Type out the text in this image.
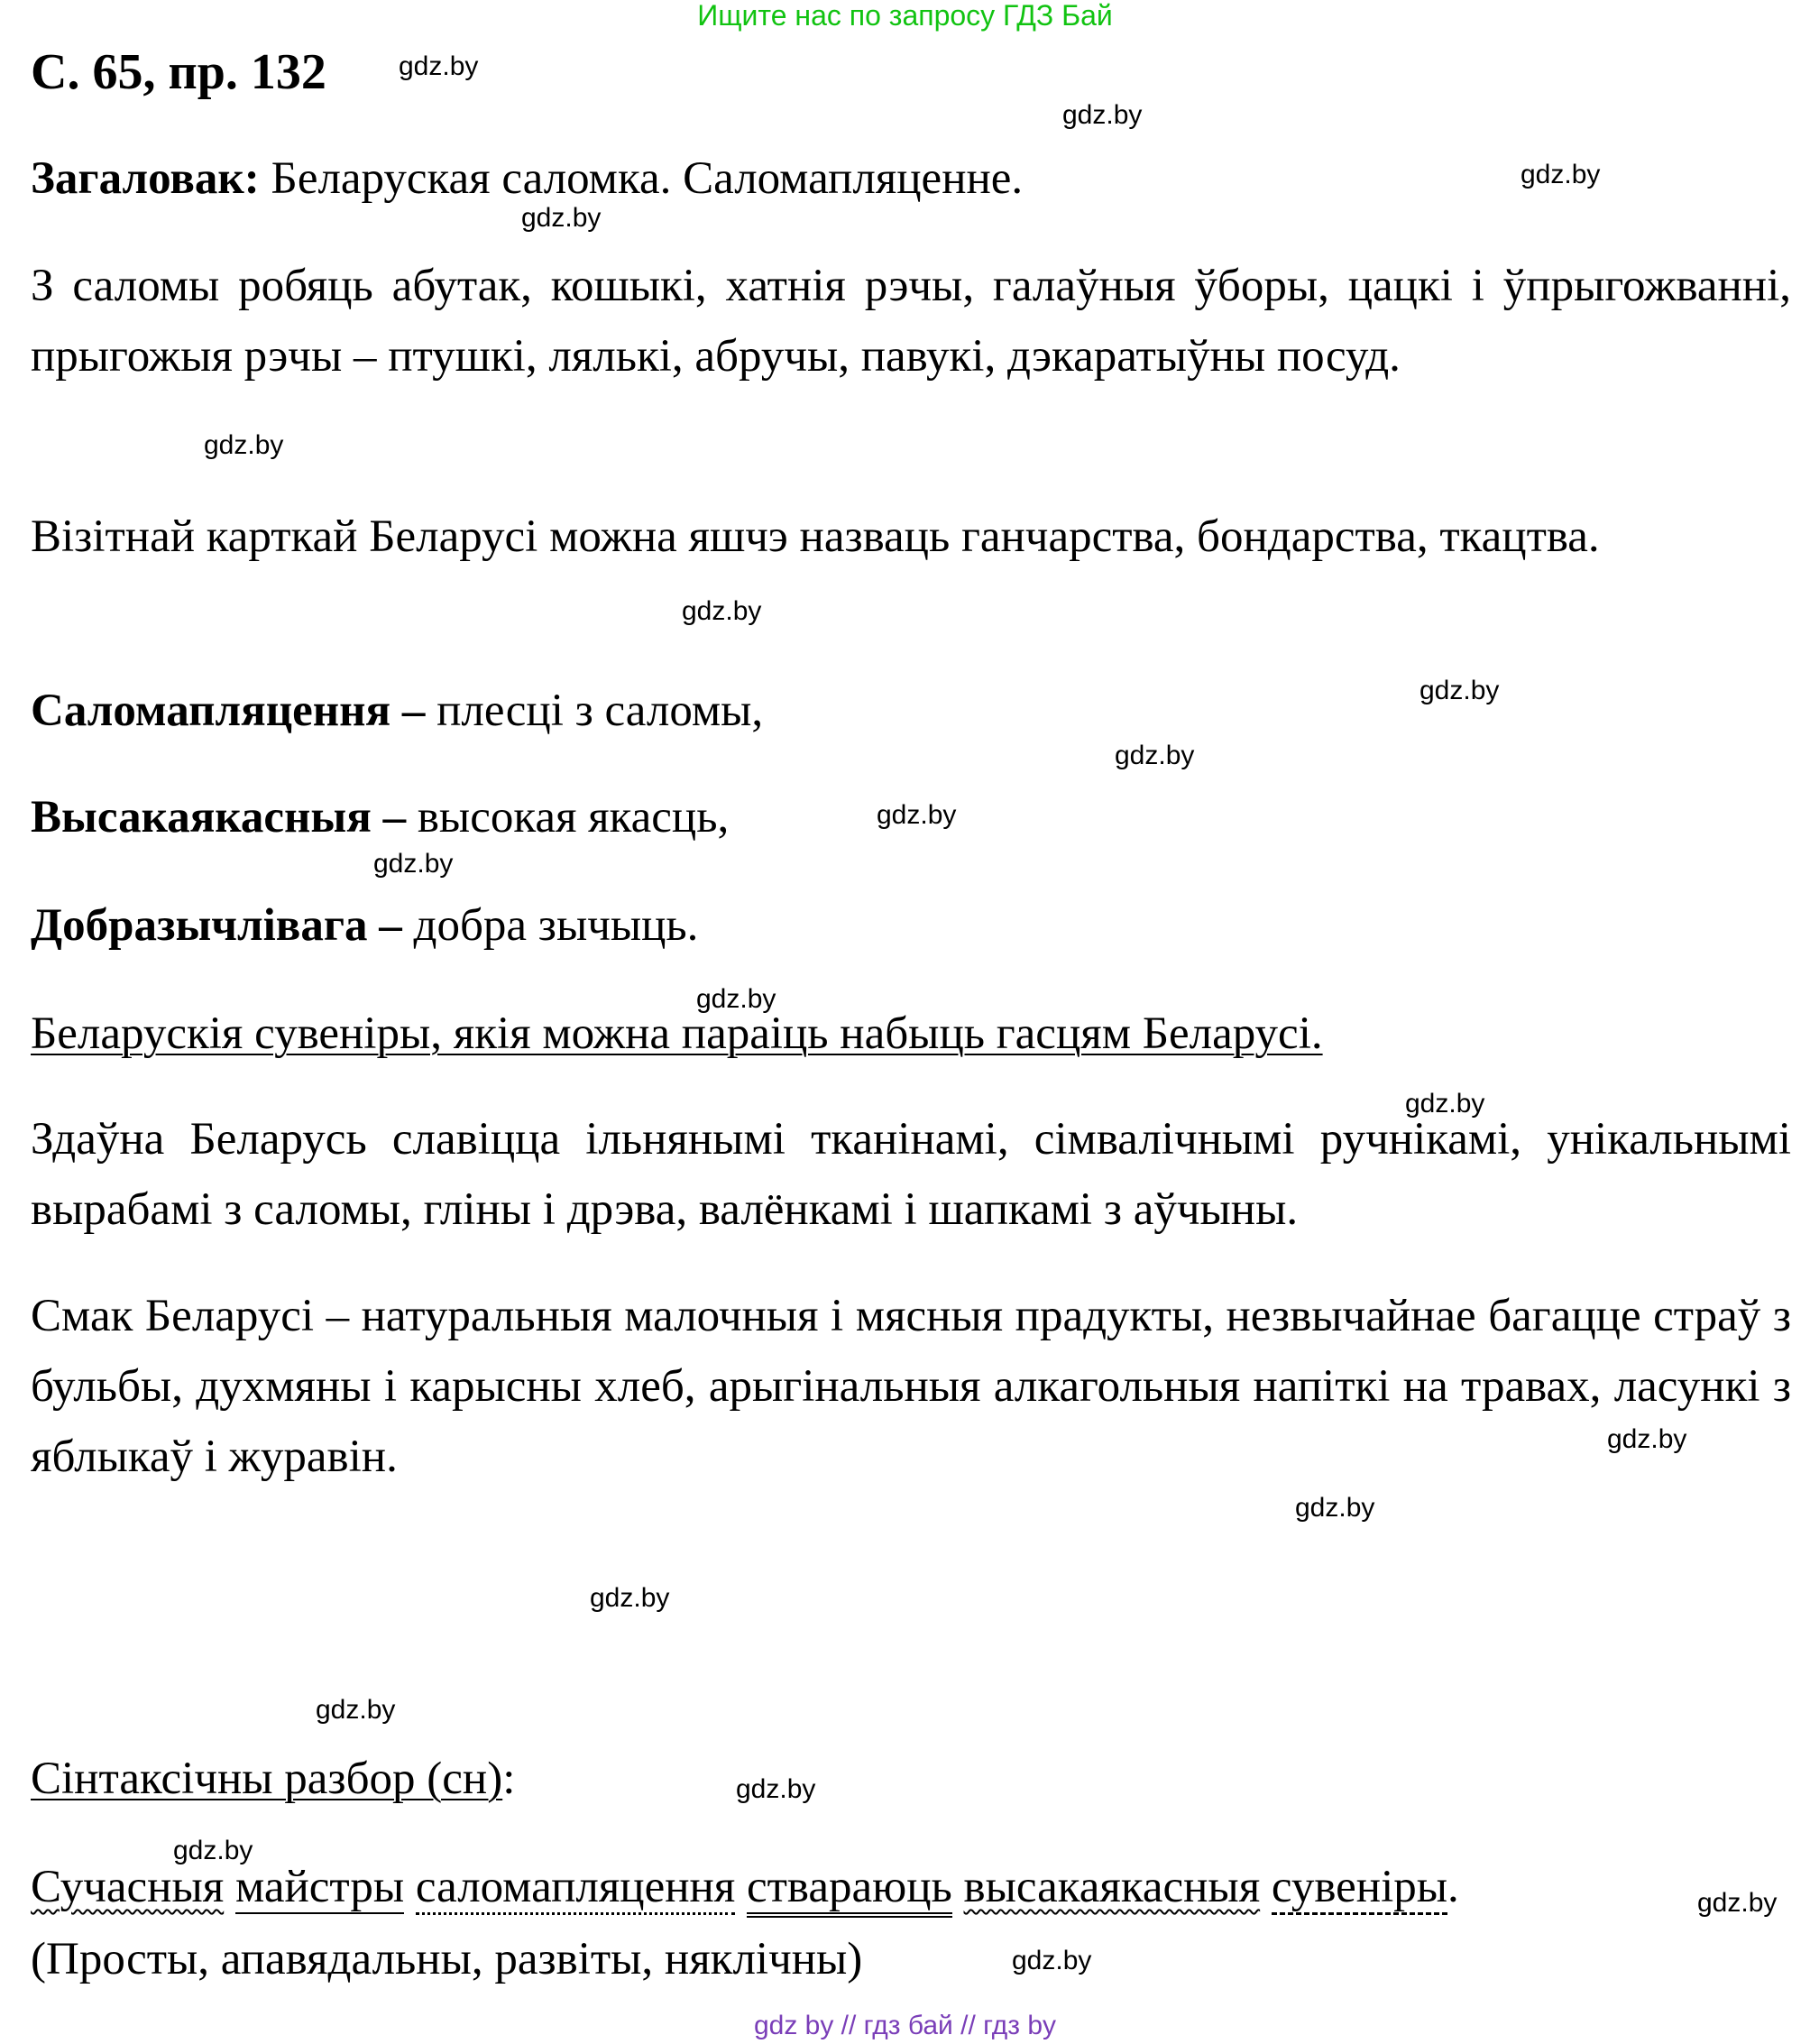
Ищите нас по запросу ГДЗ Бай
С. 65, пр. 132
Загаловак: Беларуская саломка. Саломапляценне.
З саломы робяць абутак, кошыкі, хатнія рэчы, галаўныя ўборы, цацкі і ўпрыгожванні, прыгожыя рэчы – птушкі, лялькі, абручы, павукі, дэкаратыўны посуд.
Візітнай карткай Беларусі можна яшчэ назваць ганчарства, бондарства, ткацтва.
Саломапляцення – плесці з саломы,
Высакаякасныя – высокая якасць,
Добразычлівага – добра зычыць.
Беларускія сувеніры, якія можна параіць набыць гасцям Беларусі.
Здаўна Беларусь славіцца ільнянымі тканінамі, сімвалічнымі ручнікамі, унікальнымі вырабамі з саломы, гліны і дрэва, валёнкамі і шапкамі з аўчыны.
Смак Беларусі – натуральныя малочныя і мясныя прадукты, незвычайнае багацце страў з бульбы, духмяны і карысны хлеб, арыгінальныя алкагольныя напіткі на травах, ласункі з яблыкаў і журавін.
Сінтаксічны разбор (сн):
Сучасныя майстры саломапляцення ствараюць высакаякасныя сувеніры.
(Просты, апавядальны, развіты, няклічны)
gdz.by
gdz.by
gdz.by
gdz.by
gdz.by
gdz.by
gdz.by
gdz.by
gdz.by
gdz.by
gdz.by
gdz.by
gdz.by
gdz.by
gdz.by
gdz.by
gdz.by
gdz.by
gdz.by
gdz.by
gdz by // гдз бай // гдз by
